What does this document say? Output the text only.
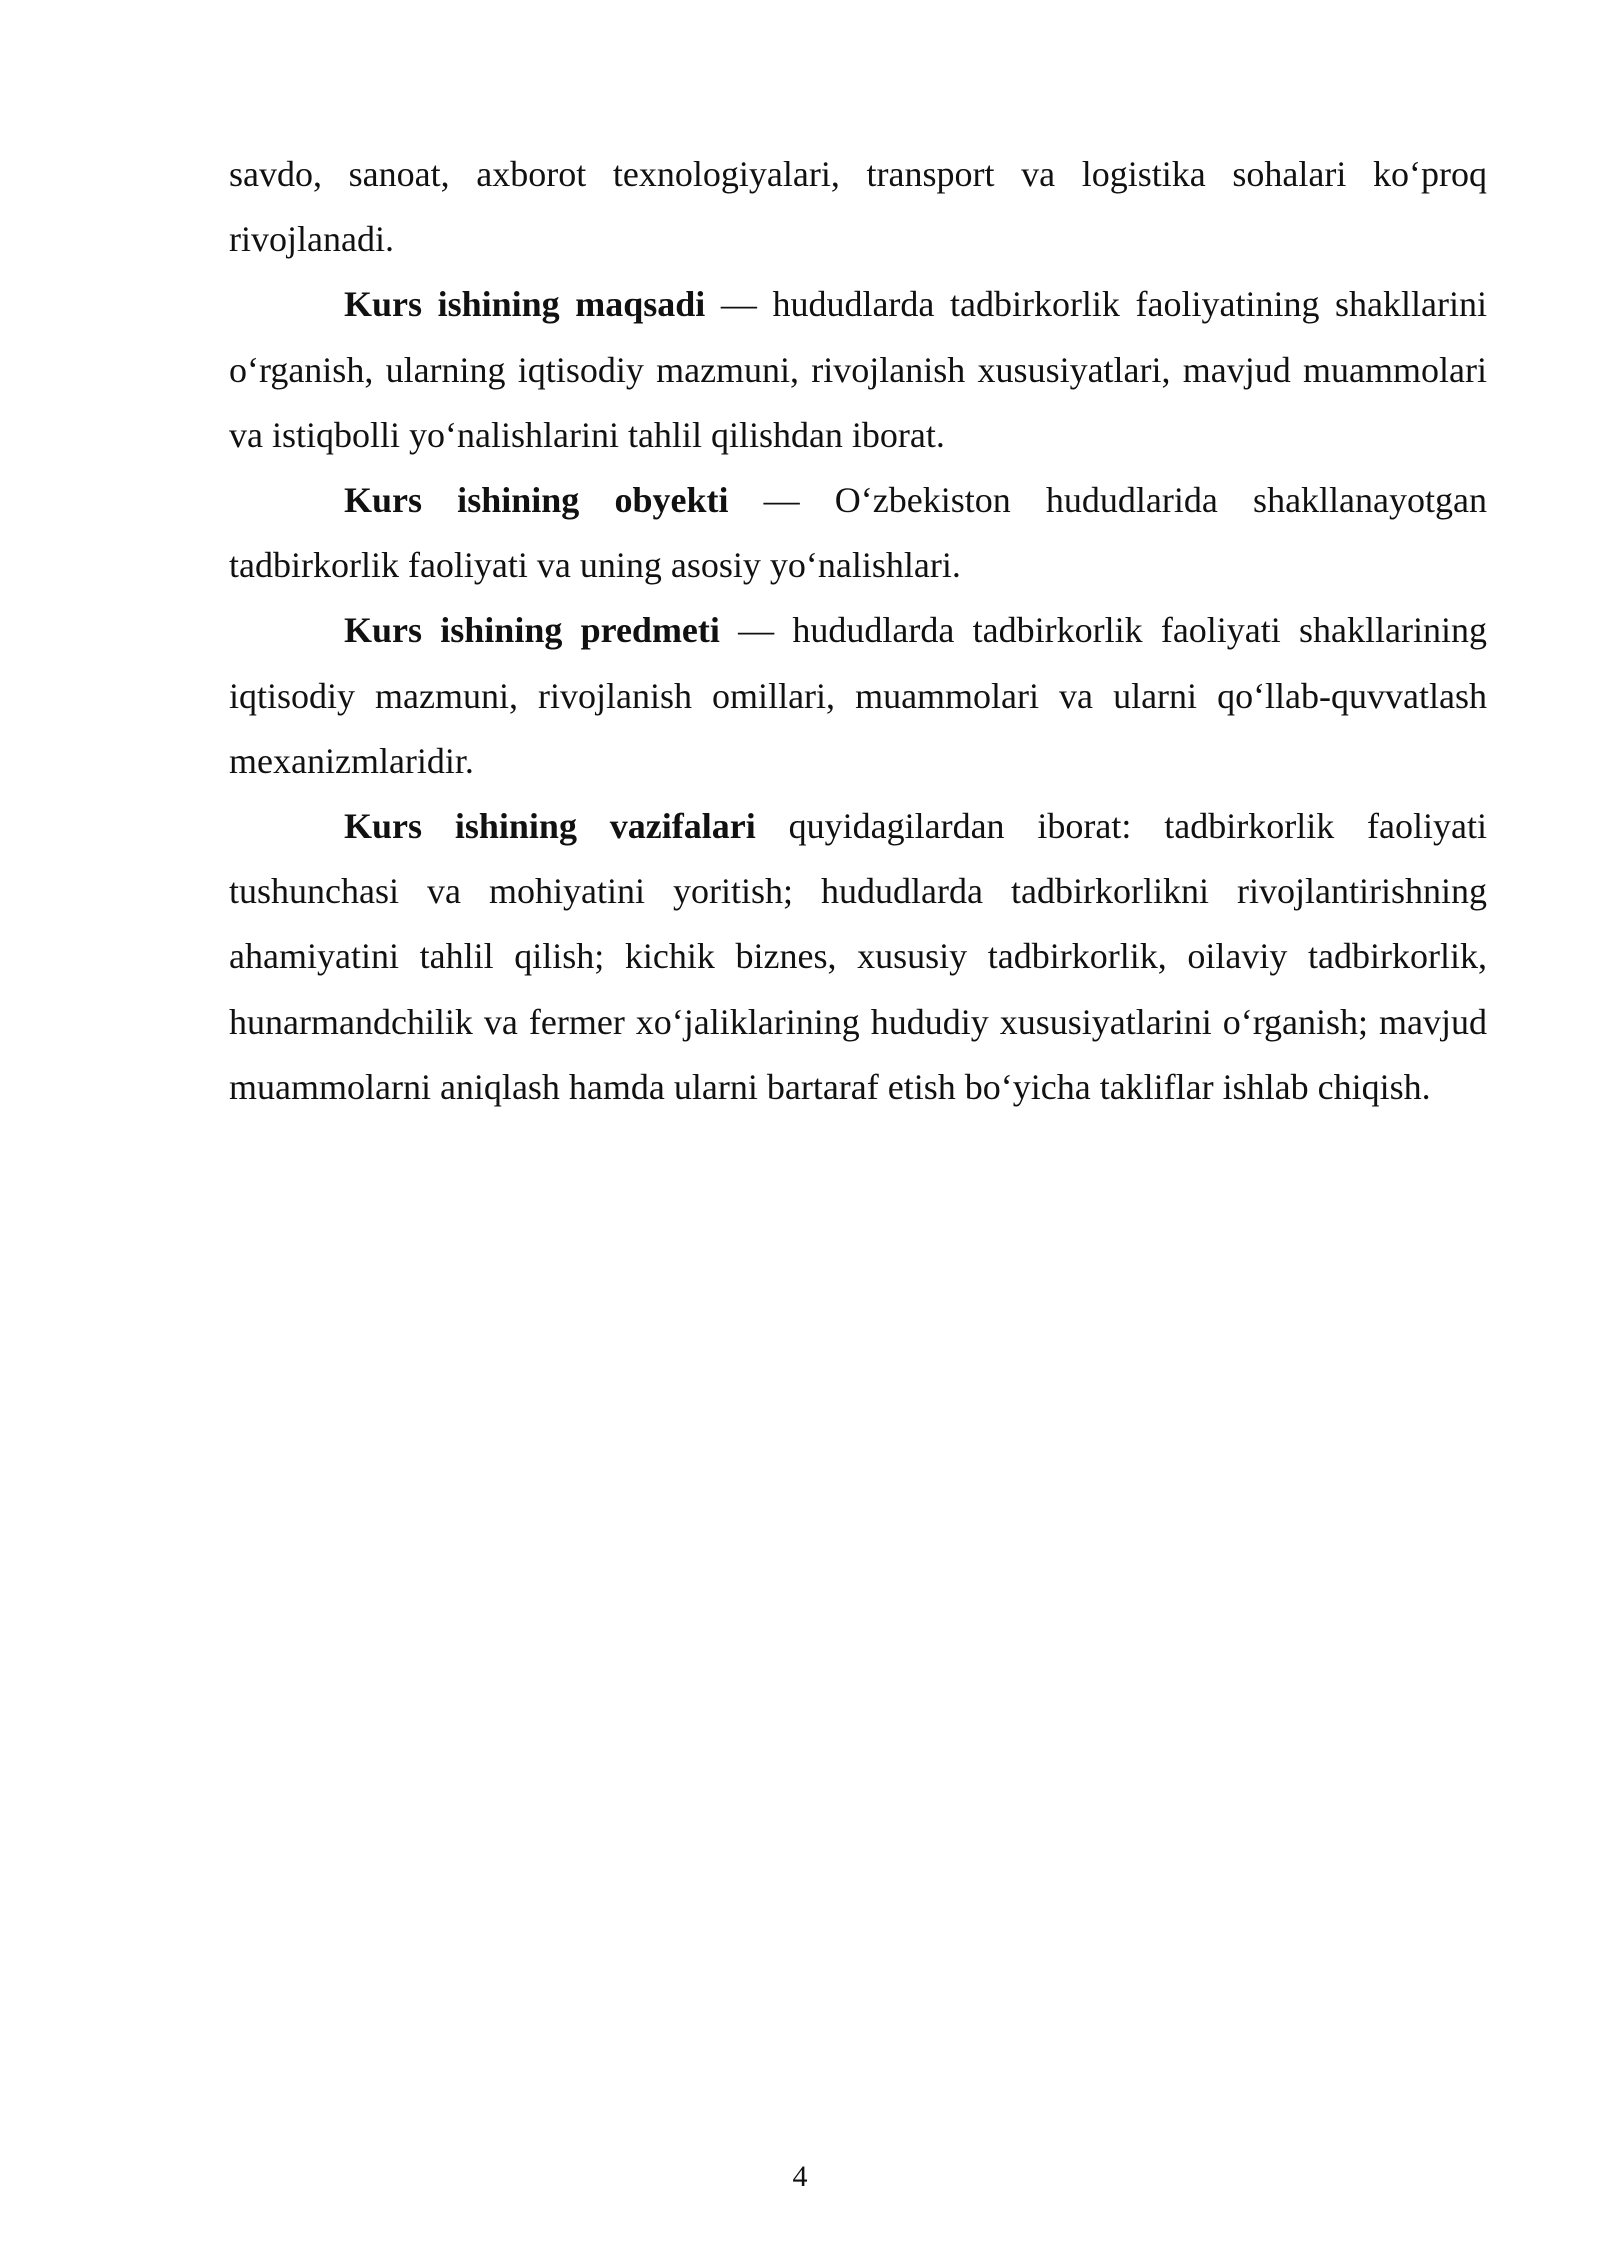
savdo, sanoat, axborot texnologiyalari, transport va logistika sohalari ko‘proq rivojlanadi.

Kurs ishining maqsadi — hududlarda tadbirkorlik faoliyatining shakllarini o‘rganish, ularning iqtisodiy mazmuni, rivojlanish xususiyatlari, mavjud muammolari va istiqbolli yo‘nalishlarini tahlil qilishdan iborat.

Kurs ishining obyekti — O‘zbekiston hududlarida shakllanayotgan tadbirkorlik faoliyati va uning asosiy yo‘nalishlari.

Kurs ishining predmeti — hududlarda tadbirkorlik faoliyati shakllarining iqtisodiy mazmuni, rivojlanish omillari, muammolari va ularni qo‘llab-quvvatlash mexanizmlaridir.

Kurs ishining vazifalari quyidagilardan iborat: tadbirkorlik faoliyati tushunchasi va mohiyatini yoritish; hududlarda tadbirkorlikni rivojlantirishning ahamiyatini tahlil qilish; kichik biznes, xususiy tadbirkorlik, oilaviy tadbirkorlik, hunarmandchilik va fermer xo‘jaliklarining hududiy xususiyatlarini o‘rganish; mavjud muammolarni aniqlash hamda ularni bartaraf etish bo‘yicha takliflar ishlab chiqish.

4
